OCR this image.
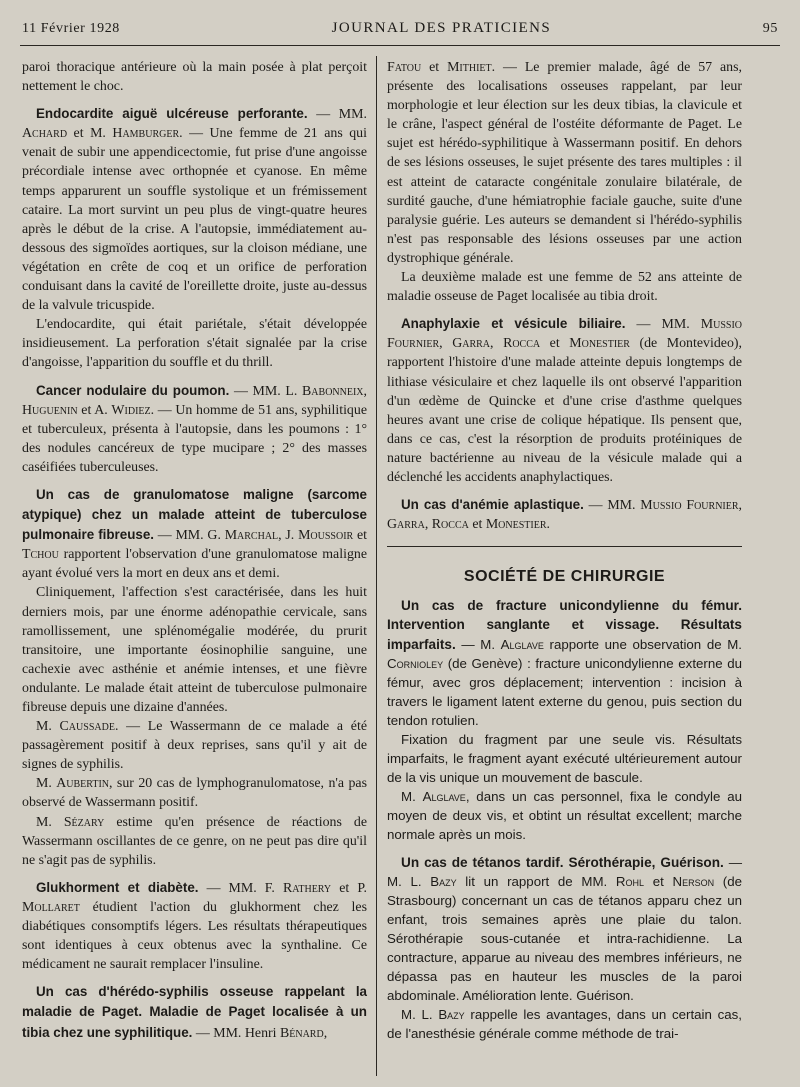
11 Février 1928	JOURNAL DES PRATICIENS	95

paroi thoracique antérieure où la main posée à plat perçoit nettement le choc.

Endocardite aiguë ulcéreuse perforante. — MM. Achard et M. Hamburger. — Une femme de 21 ans qui venait de subir une appendicectomie, fut prise d'une angoisse précordiale intense avec orthopnée et cyanose. En même temps apparurent un souffle systolique et un frémissement cataire. La mort survint un peu plus de vingt-quatre heures après le début de la crise. A l'autopsie, immédiatement au-dessous des sigmoïdes aortiques, sur la cloison médiane, une végétation en crête de coq et un orifice de perforation conduisant dans la cavité de l'oreillette droite, juste au-dessus de la valvule tricuspide.

L'endocardite, qui était pariétale, s'était développée insidieusement. La perforation s'était signalée par la crise d'angoisse, l'apparition du souffle et du thrill.

Cancer nodulaire du poumon. — MM. L. Babonneix, Huguenin et A. Widiez. — Un homme de 51 ans, syphilitique et tuberculeux, présenta à l'autopsie, dans les poumons : 1° des nodules cancéreux de type mucipare ; 2° des masses caséifiées tuberculeuses.

Un cas de granulomatose maligne (sarcome atypique) chez un malade atteint de tuberculose pulmonaire fibreuse. — MM. G. Marchal, J. Moussoir et Tchou rapportent l'observation d'une granulomatose maligne ayant évolué vers la mort en deux ans et demi.

Cliniquement, l'affection s'est caractérisée, dans les huit derniers mois, par une énorme adénopathie cervicale, sans ramollissement, une splénomégalie modérée, du prurit transitoire, une importante éosinophilie sanguine, une cachexie avec asthénie et anémie intenses, et une fièvre ondulante. Le malade était atteint de tuberculose pulmonaire fibreuse depuis une dizaine d'années.

M. Caussade. — Le Wassermann de ce malade a été passagèrement positif à deux reprises, sans qu'il y ait de signes de syphilis.

M. Aubertin, sur 20 cas de lymphogranulomatose, n'a pas observé de Wassermann positif.

M. Sézary estime qu'en présence de réactions de Wassermann oscillantes de ce genre, on ne peut pas dire qu'il ne s'agit pas de syphilis.

Glukhorment et diabète. — MM. F. Rathery et P. Mollaret étudient l'action du glukhorment chez les diabétiques consomptifs légers. Les résultats thérapeutiques sont identiques à ceux obtenus avec la synthaline. Ce médicament ne saurait remplacer l'insuline.

Un cas d'hérédo-syphilis osseuse rappelant la maladie de Paget. Maladie de Paget localisée à un tibia chez une syphilitique. — MM. Henri Bénard,

Fatou et Mithiet. — Le premier malade, âgé de 57 ans, présente des localisations osseuses rappelant, par leur morphologie et leur élection sur les deux tibias, la clavicule et le crâne, l'aspect général de l'ostéite déformante de Paget. Le sujet est hérédo-syphilitique à Wassermann positif. En dehors de ses lésions osseuses, le sujet présente des tares multiples : il est atteint de cataracte congénitale zonulaire bilatérale, de surdité gauche, d'une hémiatrophie faciale gauche, suite d'une paralysie guérie. Les auteurs se demandent si l'hérédo-syphilis n'est pas responsable des lésions osseuses par une action dystrophique générale.

La deuxième malade est une femme de 52 ans atteinte de maladie osseuse de Paget localisée au tibia droit.

Anaphylaxie et vésicule biliaire. — MM. Mussio Fournier, Garra, Rocca et Monestier (de Montevideo), rapportent l'histoire d'une malade atteinte depuis longtemps de lithiase vésiculaire et chez laquelle ils ont observé l'apparition d'un œdème de Quincke et d'une crise d'asthme quelques heures avant une crise de colique hépatique. Ils pensent que, dans ce cas, c'est la résorption de produits protéiniques de nature bactérienne au niveau de la vésicule malade qui a déclenché les accidents anaphylactiques.

Un cas d'anémie aplastique. — MM. Mussio Fournier, Garra, Rocca et Monestier.

SOCIÉTÉ DE CHIRURGIE

Un cas de fracture unicondylienne du fémur. Intervention sanglante et vissage. Résultats imparfaits. — M. Alglave rapporte une observation de M. Cornioley (de Genève) : fracture unicondylienne externe du fémur, avec gros déplacement; intervention : incision à travers le ligament latent externe du genou, puis section du tendon rotulien.

Fixation du fragment par une seule vis. Résultats imparfaits, le fragment ayant exécuté ultérieurement autour de la vis unique un mouvement de bascule.

M. Alglave, dans un cas personnel, fixa le condyle au moyen de deux vis, et obtint un résultat excellent; marche normale après un mois.

Un cas de tétanos tardif. Sérothérapie, Guérison. — M. L. Bazy lit un rapport de MM. Rohl et Nerson (de Strasbourg) concernant un cas de tétanos apparu chez un enfant, trois semaines après une plaie du talon. Sérothérapie sous-cutanée et intra-rachidienne. La contracture, apparue au niveau des membres inférieurs, ne dépassa pas en hauteur les muscles de la paroi abdominale. Amélioration lente. Guérison.

M. L. Bazy rappelle les avantages, dans un certain cas, de l'anesthésie générale comme méthode de trai-
